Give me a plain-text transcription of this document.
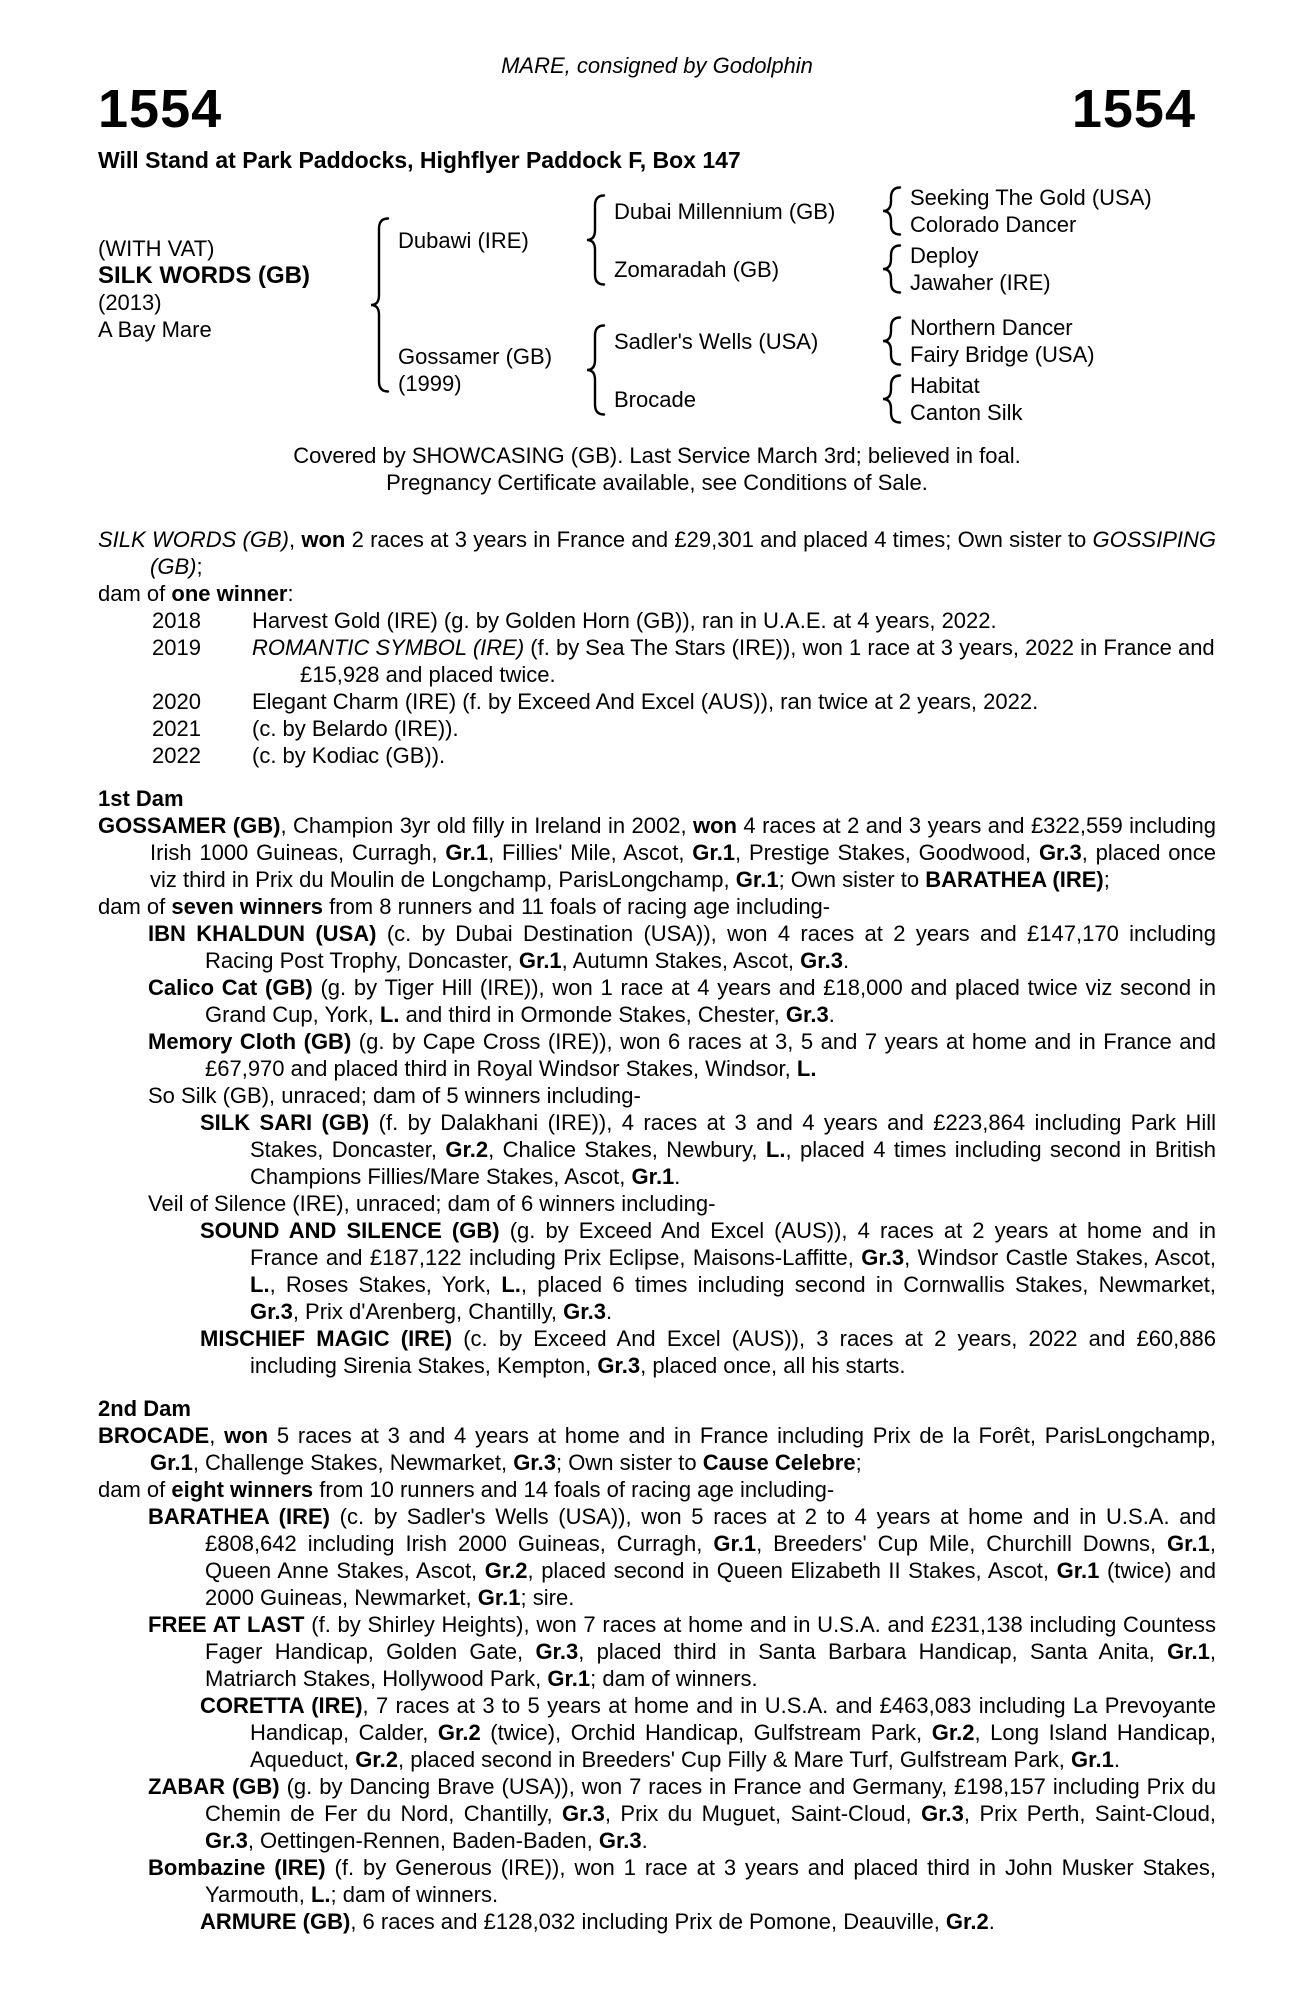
MARE, consigned by Godolphin
1554	1554
Will Stand at Park Paddocks, Highflyer Paddock F, Box 147
(WITH VAT)
SILK WORDS (GB)
(2013)
A Bay Mare
Dubawi (IRE)
Dubai Millennium (GB)
Seeking The Gold (USA)
Colorado Dancer
Zomaradah (GB)
Deploy
Jawaher (IRE)
Gossamer (GB)
(1999)
Sadler's Wells (USA)
Northern Dancer
Fairy Bridge (USA)
Brocade
Habitat
Canton Silk
Covered by SHOWCASING (GB). Last Service March 3rd; believed in foal.
Pregnancy Certificate available, see Conditions of Sale.

SILK WORDS (GB), won 2 races at 3 years in France and £29,301 and placed 4 times; Own sister to GOSSIPING (GB);

dam of one winner:

2018 Harvest Gold (IRE) (g. by Golden Horn (GB)), ran in U.A.E. at 4 years, 2022.

2019 ROMANTIC SYMBOL (IRE) (f. by Sea The Stars (IRE)), won 1 race at 3 years, 2022 in France and £15,928 and placed twice.

2020 Elegant Charm (IRE) (f. by Exceed And Excel (AUS)), ran twice at 2 years, 2022.

2021 (c. by Belardo (IRE)).

2022 (c. by Kodiac (GB)).

1st Dam

GOSSAMER (GB), Champion 3yr old filly in Ireland in 2002, won 4 races at 2 and 3 years and £322,559 including Irish 1000 Guineas, Curragh, Gr.1, Fillies' Mile, Ascot, Gr.1, Prestige Stakes, Goodwood, Gr.3, placed once viz third in Prix du Moulin de Longchamp, ParisLongchamp, Gr.1; Own sister to BARATHEA (IRE);

dam of seven winners from 8 runners and 11 foals of racing age including-

IBN KHALDUN (USA) (c. by Dubai Destination (USA)), won 4 races at 2 years and £147,170 including Racing Post Trophy, Doncaster, Gr.1, Autumn Stakes, Ascot, Gr.3.

Calico Cat (GB) (g. by Tiger Hill (IRE)), won 1 race at 4 years and £18,000 and placed twice viz second in Grand Cup, York, L. and third in Ormonde Stakes, Chester, Gr.3.

Memory Cloth (GB) (g. by Cape Cross (IRE)), won 6 races at 3, 5 and 7 years at home and in France and £67,970 and placed third in Royal Windsor Stakes, Windsor, L.

So Silk (GB), unraced; dam of 5 winners including-

SILK SARI (GB) (f. by Dalakhani (IRE)), 4 races at 3 and 4 years and £223,864 including Park Hill Stakes, Doncaster, Gr.2, Chalice Stakes, Newbury, L., placed 4 times including second in British Champions Fillies/Mare Stakes, Ascot, Gr.1.

Veil of Silence (IRE), unraced; dam of 6 winners including-

SOUND AND SILENCE (GB) (g. by Exceed And Excel (AUS)), 4 races at 2 years at home and in France and £187,122 including Prix Eclipse, Maisons-Laffitte, Gr.3, Windsor Castle Stakes, Ascot, L., Roses Stakes, York, L., placed 6 times including second in Cornwallis Stakes, Newmarket, Gr.3, Prix d'Arenberg, Chantilly, Gr.3.

MISCHIEF MAGIC (IRE) (c. by Exceed And Excel (AUS)), 3 races at 2 years, 2022 and £60,886 including Sirenia Stakes, Kempton, Gr.3, placed once, all his starts.

2nd Dam

BROCADE, won 5 races at 3 and 4 years at home and in France including Prix de la Forêt, ParisLongchamp, Gr.1, Challenge Stakes, Newmarket, Gr.3; Own sister to Cause Celebre;

dam of eight winners from 10 runners and 14 foals of racing age including-

BARATHEA (IRE) (c. by Sadler's Wells (USA)), won 5 races at 2 to 4 years at home and in U.S.A. and £808,642 including Irish 2000 Guineas, Curragh, Gr.1, Breeders' Cup Mile, Churchill Downs, Gr.1, Queen Anne Stakes, Ascot, Gr.2, placed second in Queen Elizabeth II Stakes, Ascot, Gr.1 (twice) and 2000 Guineas, Newmarket, Gr.1; sire.

FREE AT LAST (f. by Shirley Heights), won 7 races at home and in U.S.A. and £231,138 including Countess Fager Handicap, Golden Gate, Gr.3, placed third in Santa Barbara Handicap, Santa Anita, Gr.1, Matriarch Stakes, Hollywood Park, Gr.1; dam of winners.

CORETTA (IRE), 7 races at 3 to 5 years at home and in U.S.A. and £463,083 including La Prevoyante Handicap, Calder, Gr.2 (twice), Orchid Handicap, Gulfstream Park, Gr.2, Long Island Handicap, Aqueduct, Gr.2, placed second in Breeders' Cup Filly & Mare Turf, Gulfstream Park, Gr.1.

ZABAR (GB) (g. by Dancing Brave (USA)), won 7 races in France and Germany, £198,157 including Prix du Chemin de Fer du Nord, Chantilly, Gr.3, Prix du Muguet, Saint-Cloud, Gr.3, Prix Perth, Saint-Cloud, Gr.3, Oettingen-Rennen, Baden-Baden, Gr.3.

Bombazine (IRE) (f. by Generous (IRE)), won 1 race at 3 years and placed third in John Musker Stakes, Yarmouth, L.; dam of winners.

ARMURE (GB), 6 races and £128,032 including Prix de Pomone, Deauville, Gr.2.
